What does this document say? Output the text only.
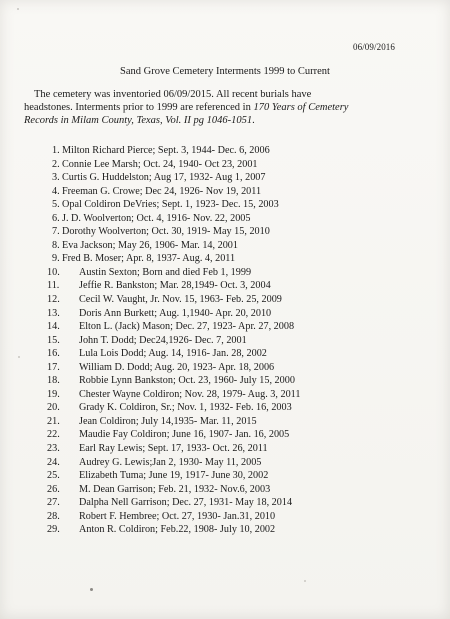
06/09/2016
Sand Grove Cemetery Interments 1999 to Current
The cemetery was inventoried 06/09/2015. All recent burials have
headstones. Interments prior to 1999 are referenced in 170 Years of Cemetery
Records in Milam County, Texas, Vol. II pg 1046-1051.
1. Milton Richard Pierce; Sept. 3, 1944- Dec. 6, 2006
2. Connie Lee Marsh; Oct. 24, 1940- Oct 23, 2001
3. Curtis G. Huddelston; Aug 17, 1932- Aug 1, 2007
4. Freeman G. Crowe; Dec 24, 1926- Nov 19, 2011
5. Opal Coldiron DeVries; Sept. 1, 1923- Dec. 15, 2003
6. J. D. Woolverton; Oct. 4, 1916- Nov. 22, 2005
7. Dorothy Woolverton; Oct. 30, 1919- May 15, 2010
8. Eva Jackson; May 26, 1906- Mar. 14, 2001
9. Fred B. Moser; Apr. 8, 1937- Aug. 4, 2011
10. Austin Sexton; Born and died Feb 1, 1999
11. Jeffie R. Bankston; Mar. 28,1949- Oct. 3, 2004
12. Cecil W. Vaught, Jr. Nov. 15, 1963- Feb. 25, 2009
13. Doris Ann Burkett; Aug. 1,1940- Apr. 20, 2010
14. Elton L. (Jack) Mason; Dec. 27, 1923- Apr. 27, 2008
15. John T. Dodd; Dec24,1926- Dec. 7, 2001
16. Lula Lois Dodd; Aug. 14, 1916- Jan. 28, 2002
17. William D. Dodd; Aug. 20, 1923- Apr. 18, 2006
18. Robbie Lynn Bankston; Oct. 23, 1960- July 15, 2000
19. Chester Wayne Coldiron; Nov. 28, 1979- Aug. 3, 2011
20. Grady K. Coldiron, Sr.; Nov. 1, 1932- Feb. 16, 2003
21. Jean Coldiron; July 14,1935- Mar. 11, 2015
22. Maudie Fay Coldiron; June 16, 1907- Jan. 16, 2005
23. Earl Ray Lewis; Sept. 17, 1933- Oct. 26, 2011
24. Audrey G. Lewis;Jan 2, 1930- May 11, 2005
25. Elizabeth Tuma; June 19, 1917- June 30, 2002
26. M. Dean Garrison; Feb. 21, 1932- Nov.6, 2003
27. Dalpha Nell Garrison; Dec. 27, 1931- May 18, 2014
28. Robert F. Hembree; Oct. 27, 1930- Jan.31, 2010
29. Anton R. Coldiron; Feb.22, 1908- July 10, 2002
